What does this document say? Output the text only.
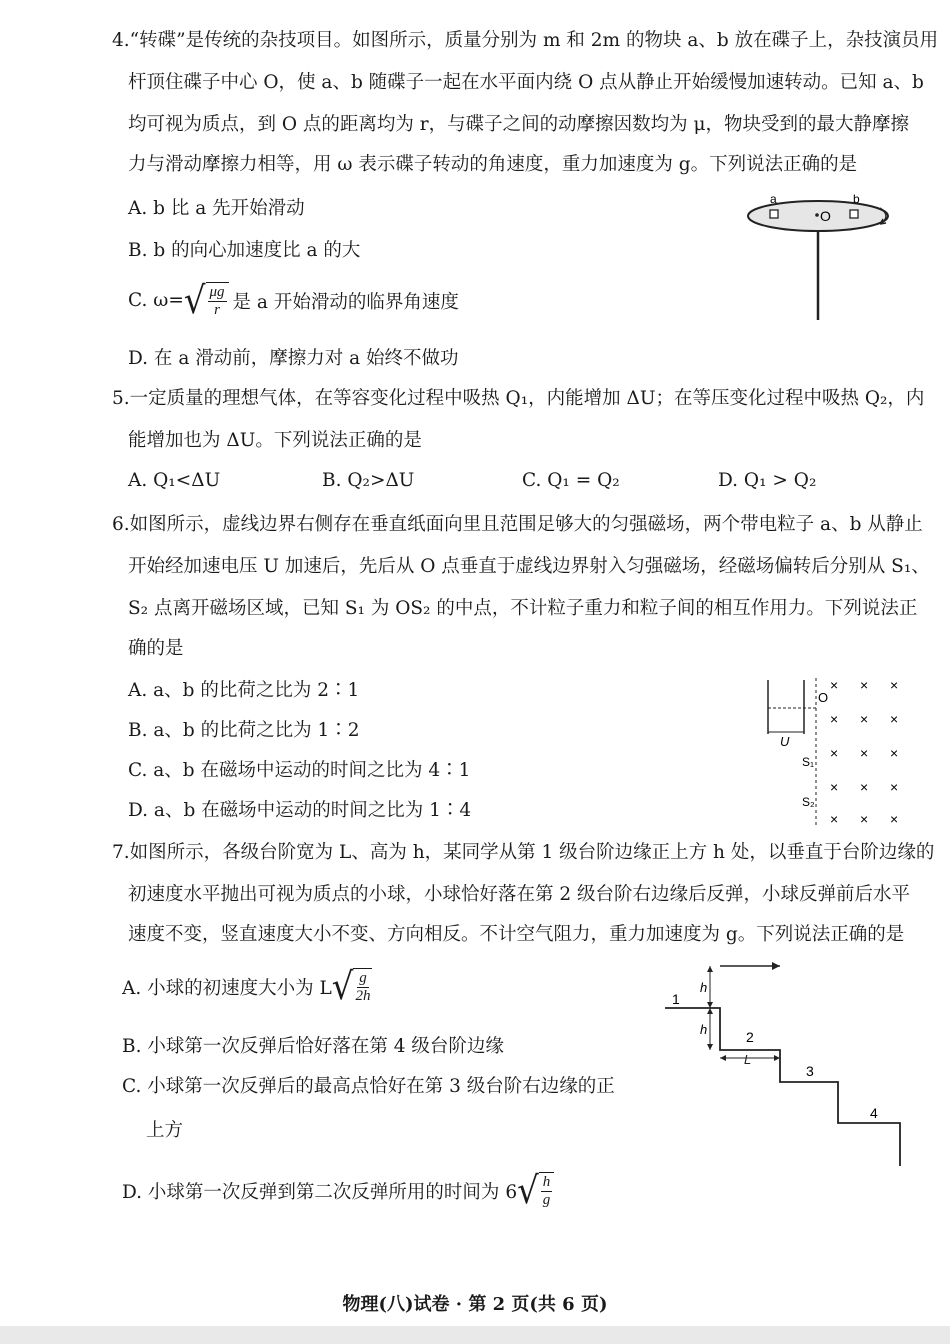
4.“转碟”是传统的杂技项目。如图所示，质量分别为 m 和 2m 的物块 a、b 放在碟子上，杂技演员用
杆顶住碟子中心 O，使 a、b 随碟子一起在水平面内绕 O 点从静止开始缓慢加速转动。已知 a、b
均可视为质点，到 O 点的距离均为 r，与碟子之间的动摩擦因数均为 μ，物块受到的最大静摩擦
力与滑动摩擦力相等，用 ω 表示碟子转动的角速度，重力加速度为 g。下列说法正确的是
A. b 比 a 先开始滑动
B. b 的向心加速度比 a 的大
C. ω= √ $\frac{\mu g}{r}$ 是 a 开始滑动的临界角速度
D. 在 a 滑动前，摩擦力对 a 始终不做功
a	b
O
5.一定质量的理想气体，在等容变化过程中吸热 Q₁，内能增加 ΔU；在等压变化过程中吸热 Q₂，内
能增加也为 ΔU。下列说法正确的是
A. Q₁<ΔU	B. Q₂>ΔU	C. Q₁ = Q₂	D. Q₁ > Q₂
6.如图所示，虚线边界右侧存在垂直纸面向里且范围足够大的匀强磁场，两个带电粒子 a、b 从静止
开始经加速电压 U 加速后，先后从 O 点垂直于虚线边界射入匀强磁场，经磁场偏转后分别从 S₁、
S₂ 点离开磁场区域，已知 S₁ 为 OS₂ 的中点，不计粒子重力和粒子间的相互作用力。下列说法正
确的是
A. a、b 的比荷之比为 2∶1
B. a、b 的比荷之比为 1∶2
C. a、b 在磁场中运动的时间之比为 4∶1
D. a、b 在磁场中运动的时间之比为 1∶4
U
O
S₁
S₂
× × ×
× × ×
× × ×
× × ×
× × ×
7.如图所示，各级台阶宽为 L、高为 h，某同学从第 1 级台阶边缘正上方 h 处，以垂直于台阶边缘的
初速度水平抛出可视为质点的小球，小球恰好落在第 2 级台阶右边缘后反弹，小球反弹前后水平
速度不变，竖直速度大小不变、方向相反。不计空气阻力，重力加速度为 g。下列说法正确的是
A. 小球的初速度大小为 L √ $\frac{g}{2h}$
B. 小球第一次反弹后恰好落在第 4 级台阶边缘
C. 小球第一次反弹后的最高点恰好在第 3 级台阶右边缘的正
上方
D. 小球第一次反弹到第二次反弹所用的时间为 6 √ $\frac{h}{g}$
1
2
3
4
h
h
L
物理(八)试卷 · 第 2 页(共 6 页)
